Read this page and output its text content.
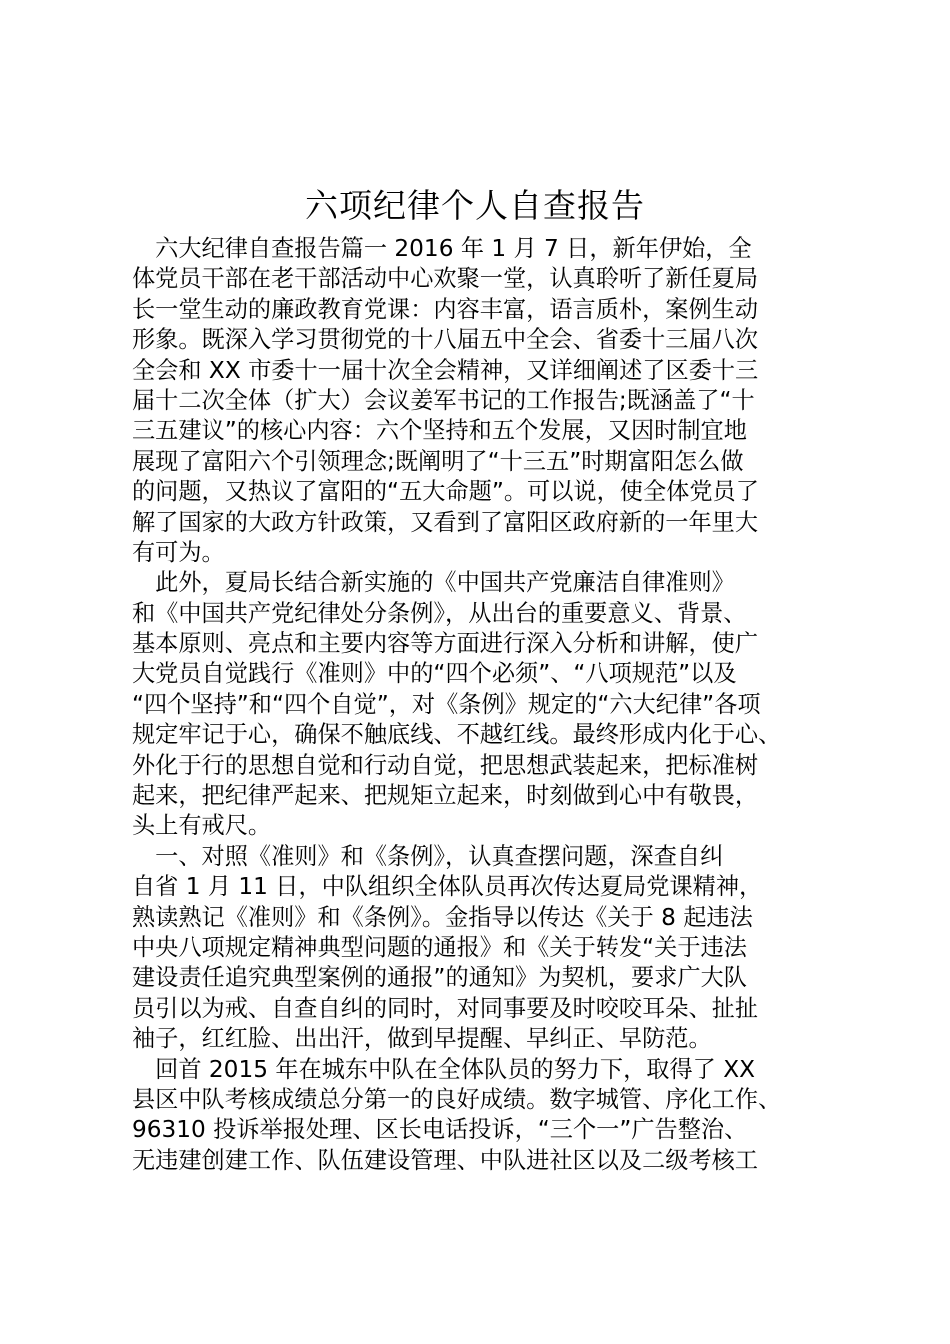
六项纪律个人自查报告
　六大纪律自查报告篇一 2016 年 1 月 7 日，新年伊始，全
体党员干部在老干部活动中心欢聚一堂，认真聆听了新任夏局
长一堂生动的廉政教育党课：内容丰富，语言质朴，案例生动
形象。既深入学习贯彻党的十八届五中全会、省委十三届八次
全会和 XX 市委十一届十次全会精神，又详细阐述了区委十三
届十二次全体（扩大）会议姜军书记的工作报告;既涵盖了“十
三五建议”的核心内容：六个坚持和五个发展，又因时制宜地
展现了富阳六个引领理念;既阐明了“十三五”时期富阳怎么做
的问题，又热议了富阳的“五大命题”。可以说，使全体党员了
解了国家的大政方针政策，又看到了富阳区政府新的一年里大
有可为。
　此外，夏局长结合新实施的《中国共产党廉洁自律准则》
和《中国共产党纪律处分条例》，从出台的重要意义、背景、
基本原则、亮点和主要内容等方面进行深入分析和讲解，使广
大党员自觉践行《准则》中的“四个必须”、“八项规范”以及
“四个坚持”和“四个自觉”，对《条例》规定的“六大纪律”各项
规定牢记于心，确保不触底线、不越红线。最终形成内化于心、
外化于行的思想自觉和行动自觉，把思想武装起来，把标准树
起来，把纪律严起来、把规矩立起来，时刻做到心中有敬畏，
头上有戒尺。
　一、对照《准则》和《条例》，认真查摆问题，深查自纠
自省 1 月 11 日，中队组织全体队员再次传达夏局党课精神，
熟读熟记《准则》和《条例》。金指导以传达《关于 8 起违法
中央八项规定精神典型问题的通报》和《关于转发“关于违法
建设责任追究典型案例的通报”的通知》为契机，要求广大队
员引以为戒、自查自纠的同时，对同事要及时咬咬耳朵、扯扯
袖子，红红脸、出出汗，做到早提醒、早纠正、早防范。
　回首 2015 年在城东中队在全体队员的努力下，取得了 XX
县区中队考核成绩总分第一的良好成绩。数字城管、序化工作、
96310 投诉举报处理、区长电话投诉，“三个一”广告整治、
无违建创建工作、队伍建设管理、中队进社区以及二级考核工
